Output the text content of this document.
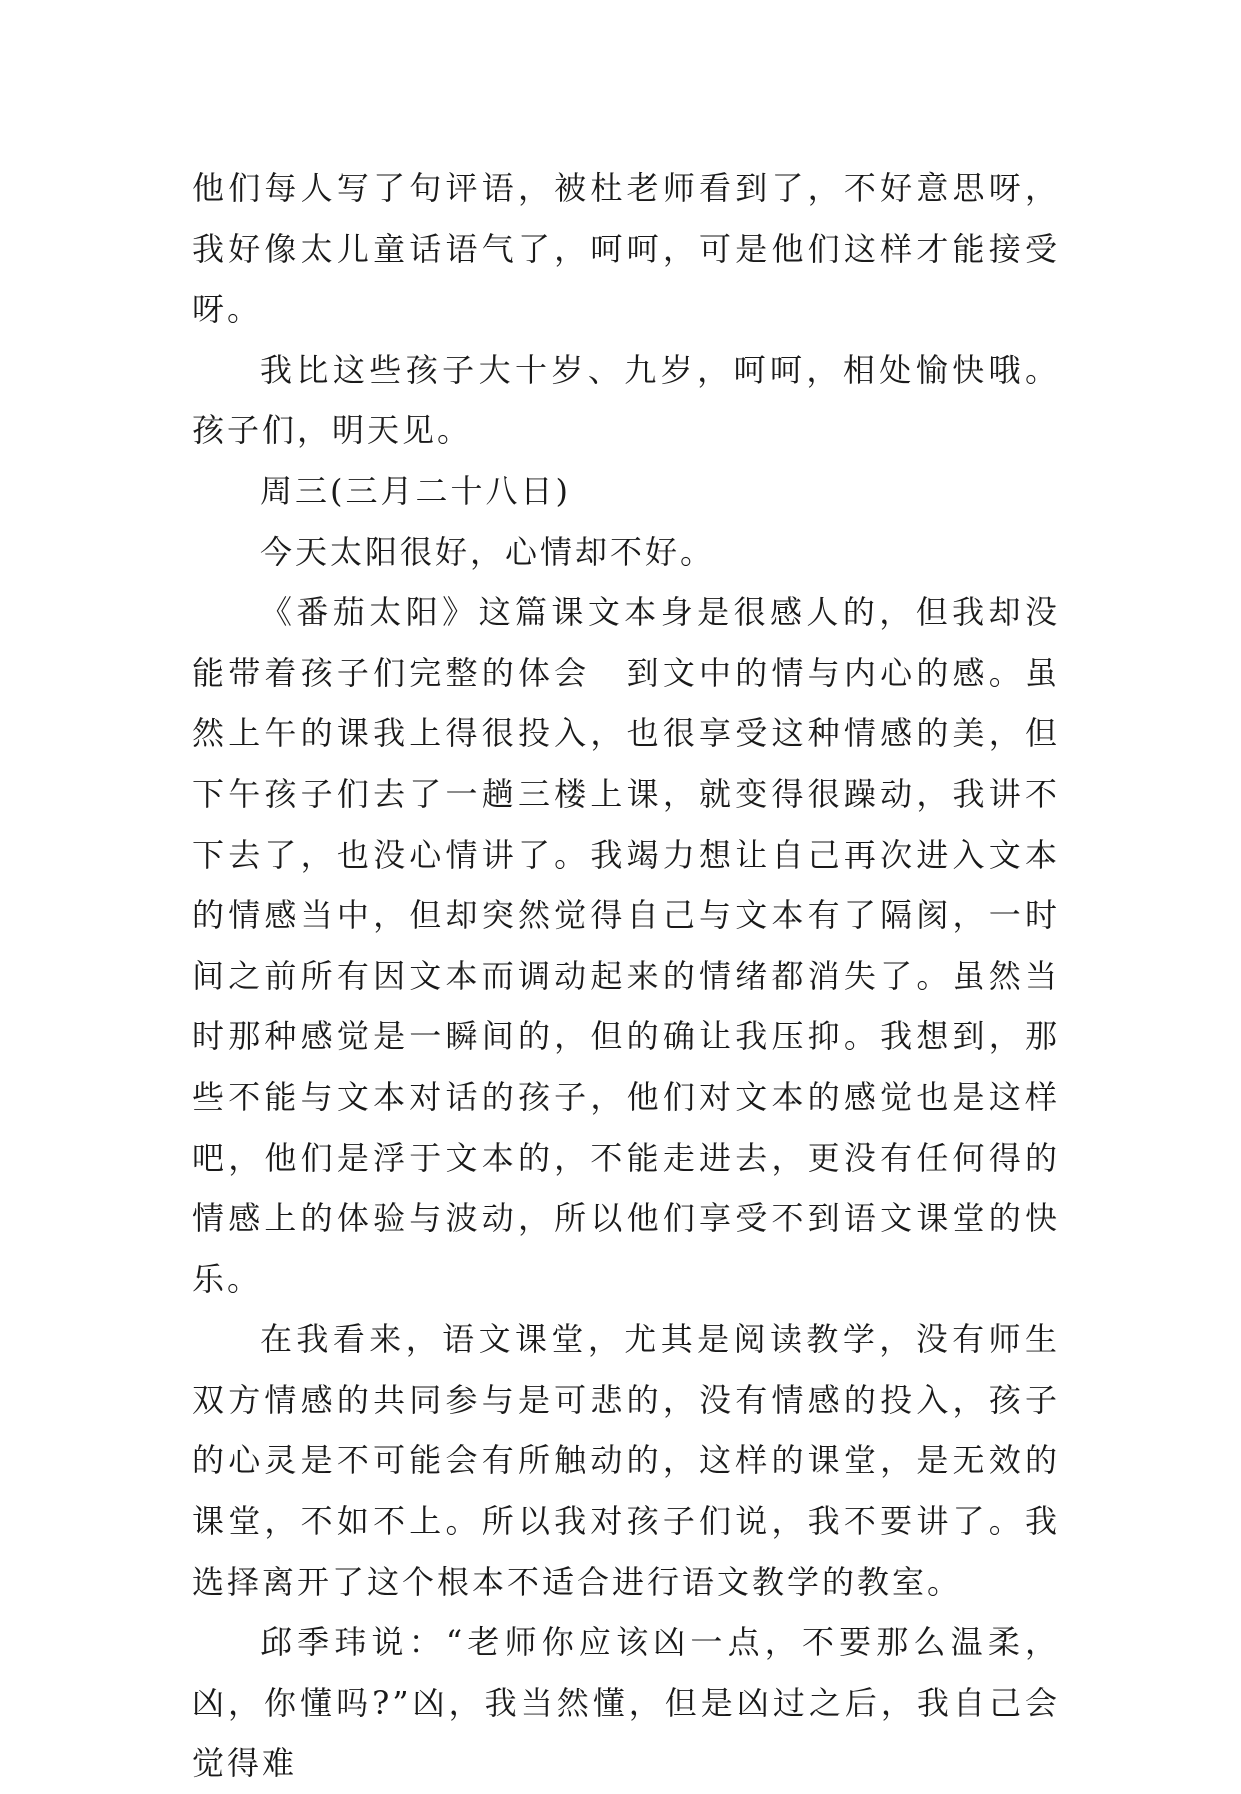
他们每人写了句评语，被杜老师看到了，不好意思呀，我好像太儿童话语气了，呵呵，可是他们这样才能接受呀。

我比这些孩子大十岁、九岁，呵呵，相处愉快哦。孩子们，明天见。

周三(三月二十八日)

今天太阳很好，心情却不好。

《番茄太阳》这篇课文本身是很感人的，但我却没能带着孩子们完整的体会　到文中的情与内心的感。虽然上午的课我上得很投入，也很享受这种情感的美，但下午孩子们去了一趟三楼上课，就变得很躁动，我讲不下去了，也没心情讲了。我竭力想让自己再次进入文本的情感当中，但却突然觉得自己与文本有了隔阂，一时间之前所有因文本而调动起来的情绪都消失了。虽然当时那种感觉是一瞬间的，但的确让我压抑。我想到，那些不能与文本对话的孩子，他们对文本的感觉也是这样吧，他们是浮于文本的，不能走进去，更没有任何得的情感上的体验与波动，所以他们享受不到语文课堂的快乐。

在我看来，语文课堂，尤其是阅读教学，没有师生双方情感的共同参与是可悲的，没有情感的投入，孩子的心灵是不可能会有所触动的，这样的课堂，是无效的课堂，不如不上。所以我对孩子们说，我不要讲了。我选择离开了这个根本不适合进行语文教学的教室。

邱季玮说：“老师你应该凶一点，不要那么温柔，凶，你懂吗?”凶，我当然懂，但是凶过之后，我自己会觉得难
